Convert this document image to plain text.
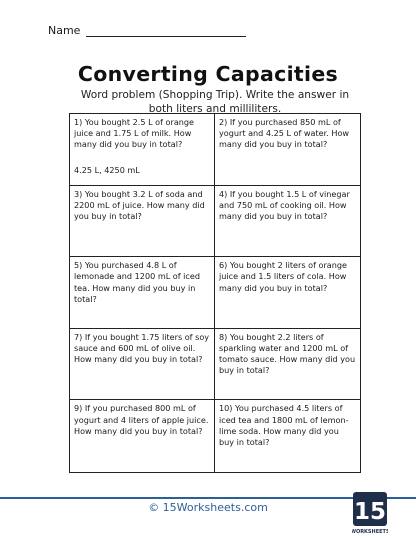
Name
Converting Capacities
Word problem (Shopping Trip). Write the answer in both liters and milliliters.
1) You bought 2.5 L of orange juice and 1.75 L of milk. How many did you buy in total?
4.25 L, 4250 mL
2) If you purchased 850 mL of yogurt and 4.25 L of water. How many did you buy in total?
3) You bought 3.2 L of soda and 2200 mL of juice. How many did you buy in total?
4) If you bought 1.5 L of vinegar and 750 mL of cooking oil. How many did you buy in total?
5) You purchased 4.8 L of lemonade and 1200 mL of iced tea. How many did you buy in total?
6) You bought 2 liters of orange juice and 1.5 liters of cola. How many did you buy in total?
7) If you bought 1.75 liters of soy sauce and 600 mL of olive oil. How many did you buy in total?
8) You bought 2.2 liters of sparkling water and 1200 mL of tomato sauce. How many did you buy in total?
9) If you purchased 800 mL of yogurt and 4 liters of apple juice. How many did you buy in total?
10) You purchased 4.5 liters of iced tea and 1800 mL of lemon-lime soda. How many did you buy in total?
© 15Worksheets.com	15
WORKSHEETS
